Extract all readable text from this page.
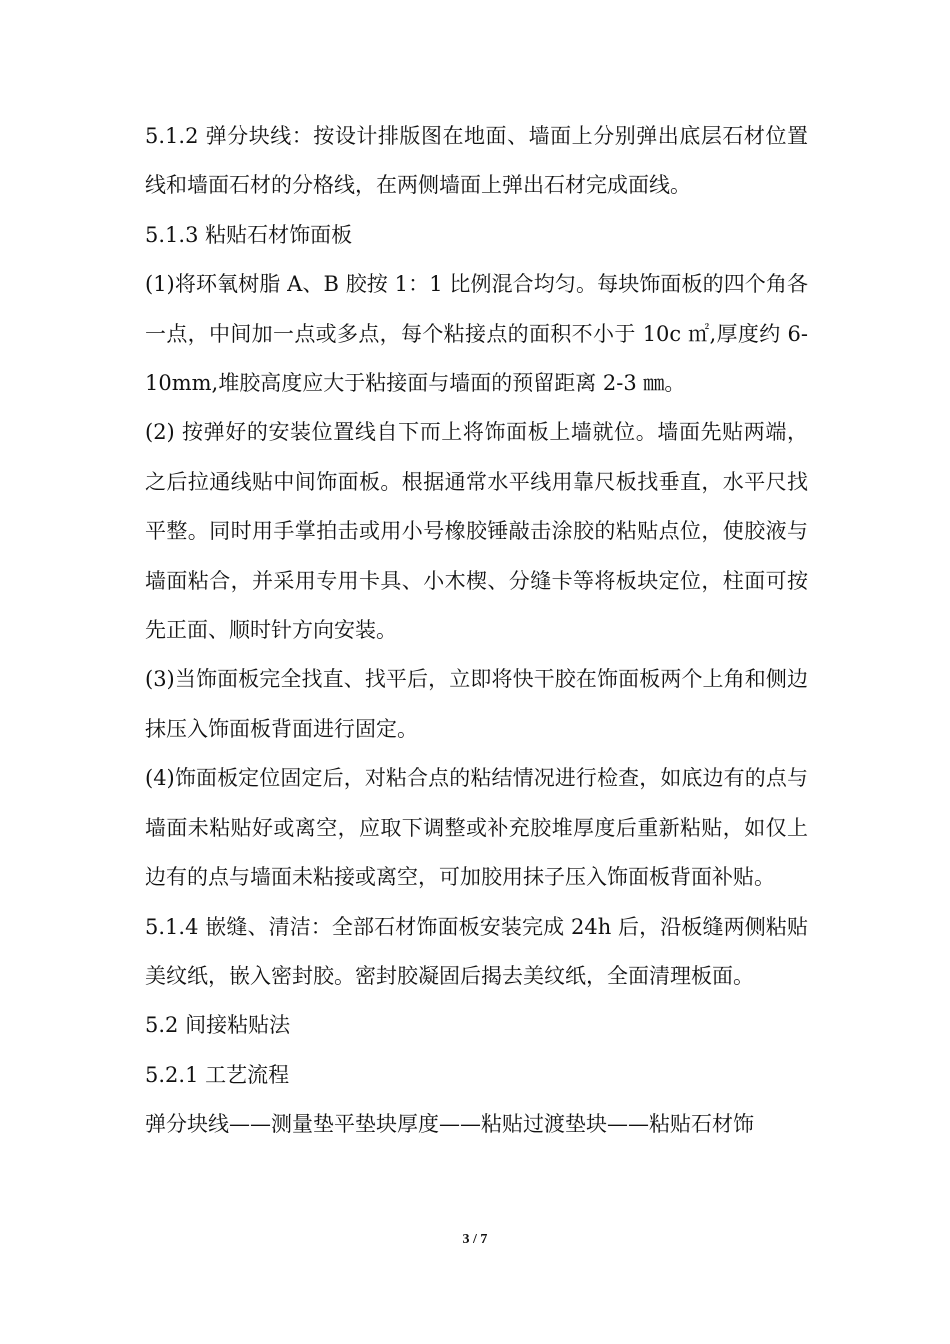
5.1.2 弹分块线：按设计排版图在地面、墙面上分别弹出底层石材位置线和墙面石材的分格线，在两侧墙面上弹出石材完成面线。

5.1.3 粘贴石材饰面板

(1)将环氧树脂 A、B 胶按 1：1 比例混合均匀。每块饰面板的四个角各一点，中间加一点或多点，每个粘接点的面积不小于 10c ㎡,厚度约 6-10mm,堆胶高度应大于粘接面与墙面的预留距离 2-3 ㎜。

(2) 按弹好的安装位置线自下而上将饰面板上墙就位。墙面先贴两端，之后拉通线贴中间饰面板。根据通常水平线用靠尺板找垂直，水平尺找平整。同时用手掌拍击或用小号橡胶锤敲击涂胶的粘贴点位，使胶液与墙面粘合，并采用专用卡具、小木楔、分缝卡等将板块定位，柱面可按先正面、顺时针方向安装。

(3)当饰面板完全找直、找平后，立即将快干胶在饰面板两个上角和侧边抹压入饰面板背面进行固定。

(4)饰面板定位固定后，对粘合点的粘结情况进行检查，如底边有的点与墙面未粘贴好或离空，应取下调整或补充胶堆厚度后重新粘贴，如仅上边有的点与墙面未粘接或离空，可加胶用抹子压入饰面板背面补贴。

5.1.4 嵌缝、清洁：全部石材饰面板安装完成 24h 后，沿板缝两侧粘贴美纹纸，嵌入密封胶。密封胶凝固后揭去美纹纸，全面清理板面。

5.2 间接粘贴法

5.2.1 工艺流程

弹分块线——测量垫平垫块厚度——粘贴过渡垫块——粘贴石材饰

3 / 7
